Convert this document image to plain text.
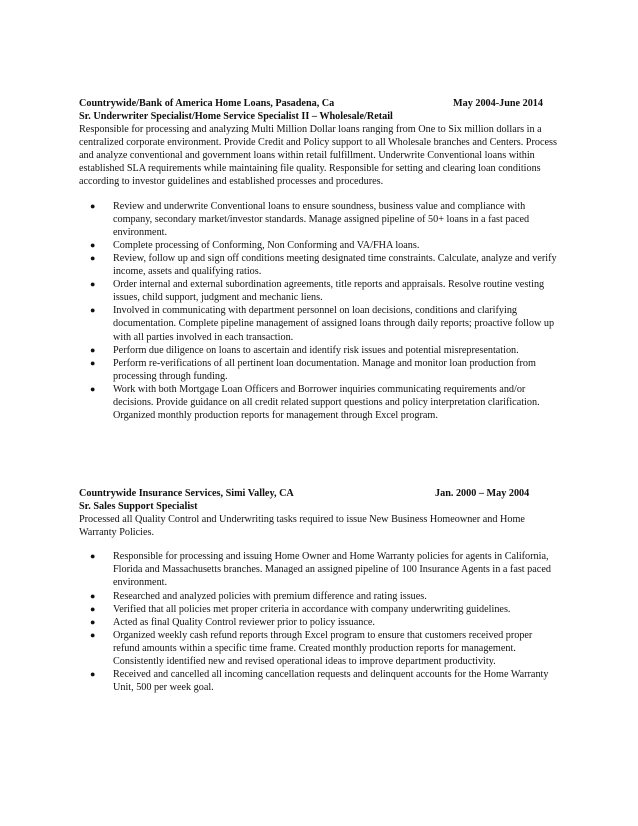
Countrywide/Bank of America Home Loans, Pasadena, Ca	May 2004-June 2014
Sr. Underwriter Specialist/Home Service Specialist II – Wholesale/Retail

Responsible for processing and analyzing Multi Million Dollar loans ranging from One to Six million dollars in a centralized corporate environment. Provide Credit and Policy support to all Wholesale branches and Centers. Process and analyze conventional and government loans within retail fulfillment. Underwrite Conventional loans within established SLA requirements while maintaining file quality. Responsible for setting and clearing loan conditions according to investor guidelines and established processes and procedures.

● Review and underwrite Conventional loans to ensure soundness, business value and compliance with company, secondary market/investor standards. Manage assigned pipeline of 50+ loans in a fast paced environment.
● Complete processing of Conforming, Non Conforming and VA/FHA loans.
● Review, follow up and sign off conditions meeting designated time constraints. Calculate, analyze and verify income, assets and qualifying ratios.
● Order internal and external subordination agreements, title reports and appraisals. Resolve routine vesting issues, child support, judgment and mechanic liens.
● Involved in communicating with department personnel on loan decisions, conditions and clarifying documentation. Complete pipeline management of assigned loans through daily reports; proactive follow up with all parties involved in each transaction.
● Perform due diligence on loans to ascertain and identify risk issues and potential misrepresentation.
● Perform re-verifications of all pertinent loan documentation. Manage and monitor loan production from processing through funding.
● Work with both Mortgage Loan Officers and Borrower inquiries communicating requirements and/or decisions. Provide guidance on all credit related support questions and policy interpretation clarification. Organized monthly production reports for management through Excel program.
Countrywide Insurance Services, Simi Valley, CA	Jan. 2000 – May 2004
Sr. Sales Support Specialist

Processed all Quality Control and Underwriting tasks required to issue New Business Homeowner and Home Warranty Policies.

● Responsible for processing and issuing Home Owner and Home Warranty policies for agents in California, Florida and Massachusetts branches. Managed an assigned pipeline of 100 Insurance Agents in a fast paced environment.
● Researched and analyzed policies with premium difference and rating issues.
● Verified that all policies met proper criteria in accordance with company underwriting guidelines.
● Acted as final Quality Control reviewer prior to policy issuance.
● Organized weekly cash refund reports through Excel program to ensure that customers received proper refund amounts within a specific time frame. Created monthly production reports for management. Consistently identified new and revised operational ideas to improve department productivity.
● Received and cancelled all incoming cancellation requests and delinquent accounts for the Home Warranty Unit, 500 per week goal.
